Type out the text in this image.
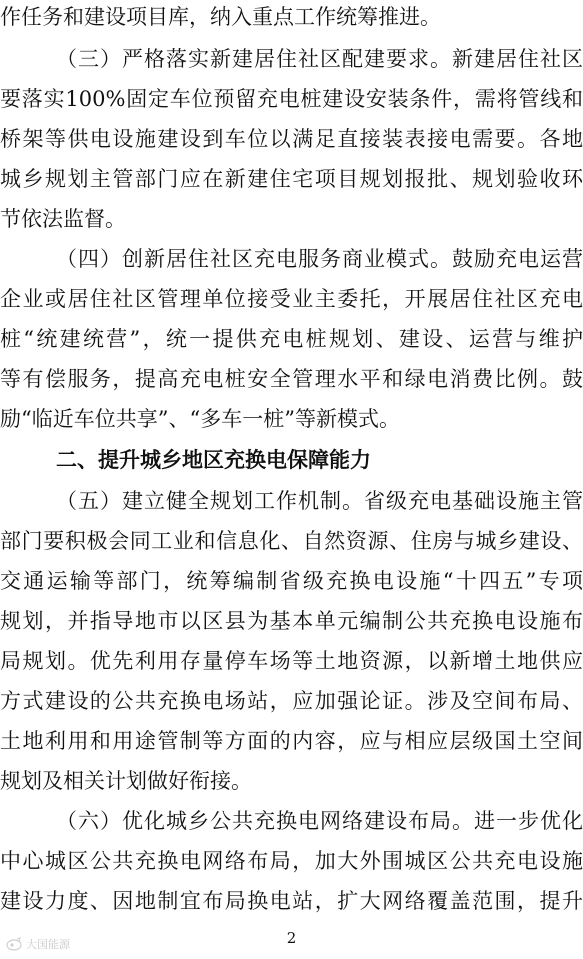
作任务和建设项目库，纳入重点工作统筹推进。
（三）严格落实新建居住社区配建要求。新建居住社区
要落实100%固定车位预留充电桩建设安装条件，需将管线和
桥架等供电设施建设到车位以满足直接装表接电需要。各地
城乡规划主管部门应在新建住宅项目规划报批、规划验收环
节依法监督。
（四）创新居住社区充电服务商业模式。鼓励充电运营
企业或居住社区管理单位接受业主委托，开展居住社区充电
桩“统建统营”，统一提供充电桩规划、建设、运营与维护
等有偿服务，提高充电桩安全管理水平和绿电消费比例。鼓
励“临近车位共享”、“多车一桩”等新模式。
二、提升城乡地区充换电保障能力
（五）建立健全规划工作机制。省级充电基础设施主管
部门要积极会同工业和信息化、自然资源、住房与城乡建设、
交通运输等部门，统筹编制省级充换电设施“十四五”专项
规划，并指导地市以区县为基本单元编制公共充换电设施布
局规划。优先利用存量停车场等土地资源，以新增土地供应
方式建设的公共充换电场站，应加强论证。涉及空间布局、
土地利用和用途管制等方面的内容，应与相应层级国土空间
规划及相关计划做好衔接。
（六）优化城乡公共充换电网络建设布局。进一步优化
中心城区公共充换电网络布局，加大外围城区公共充电设施
建设力度、因地制宜布局换电站，扩大网络覆盖范围，提升
2
大国能源
